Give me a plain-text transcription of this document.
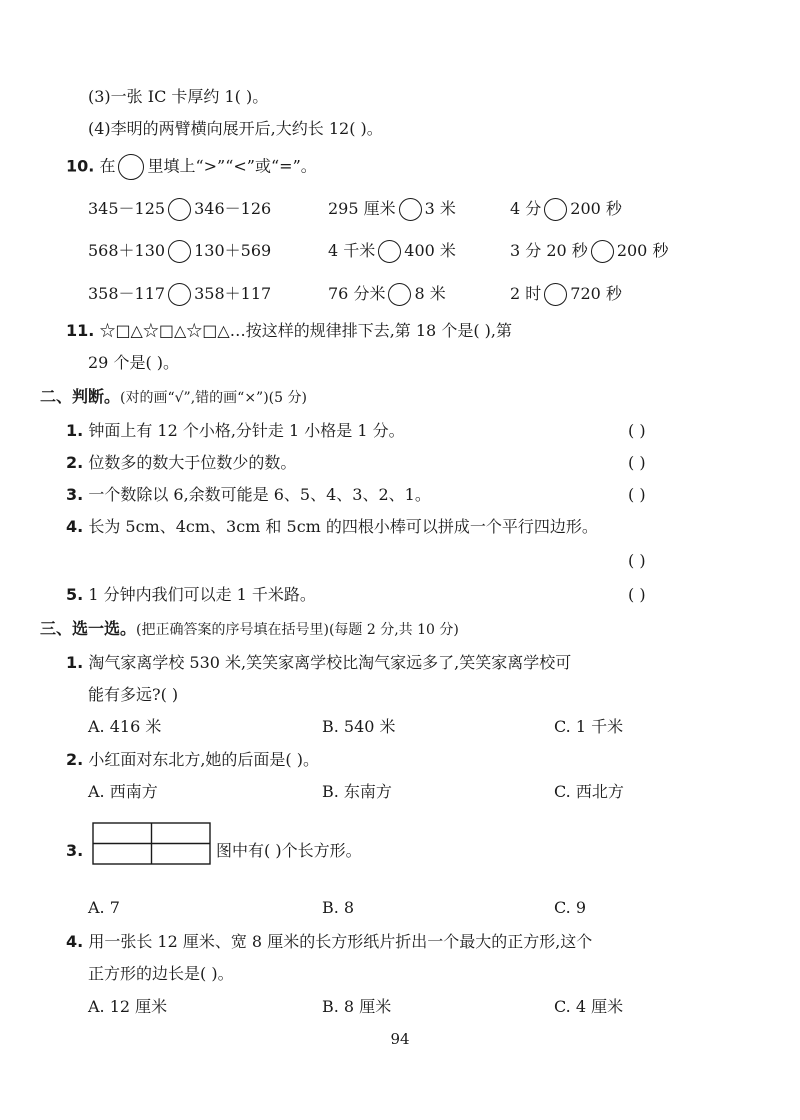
(3)一张 IC 卡厚约 1( )。
(4)李明的两臂横向展开后,大约长 12( )。
10. 在 里填上“>”“<”或“=”。
345－125 346－126	295 厘米 3 米	4 分 200 秒
568＋130 130＋569	4 千米 400 米	3 分 20 秒 200 秒
358－117 358＋117	76 分米 8 米	2 时 720 秒
11. ☆□△☆□△☆□△…按这样的规律排下去,第 18 个是( ),第
29 个是( )。
二、判断。(对的画“√”,错的画“×”)(5 分)
1. 钟面上有 12 个小格,分针走 1 小格是 1 分。	( )
2. 位数多的数大于位数少的数。	( )
3. 一个数除以 6,余数可能是 6、5、4、3、2、1。	( )
4. 长为 5cm、4cm、3cm 和 5cm 的四根小棒可以拼成一个平行四边形。
( )
5. 1 分钟内我们可以走 1 千米路。	( )
三、选一选。(把正确答案的序号填在括号里)(每题 2 分,共 10 分)
1. 淘气家离学校 530 米,笑笑家离学校比淘气家远多了,笑笑家离学校可
能有多远?( )
A. 416 米	B. 540 米	C. 1 千米
2. 小红面对东北方,她的后面是( )。
A. 西南方	B. 东南方	C. 西北方
3.	图中有( )个长方形。
A. 7	B. 8	C. 9
4. 用一张长 12 厘米、宽 8 厘米的长方形纸片折出一个最大的正方形,这个
正方形的边长是( )。
A. 12 厘米	B. 8 厘米	C. 4 厘米
94
